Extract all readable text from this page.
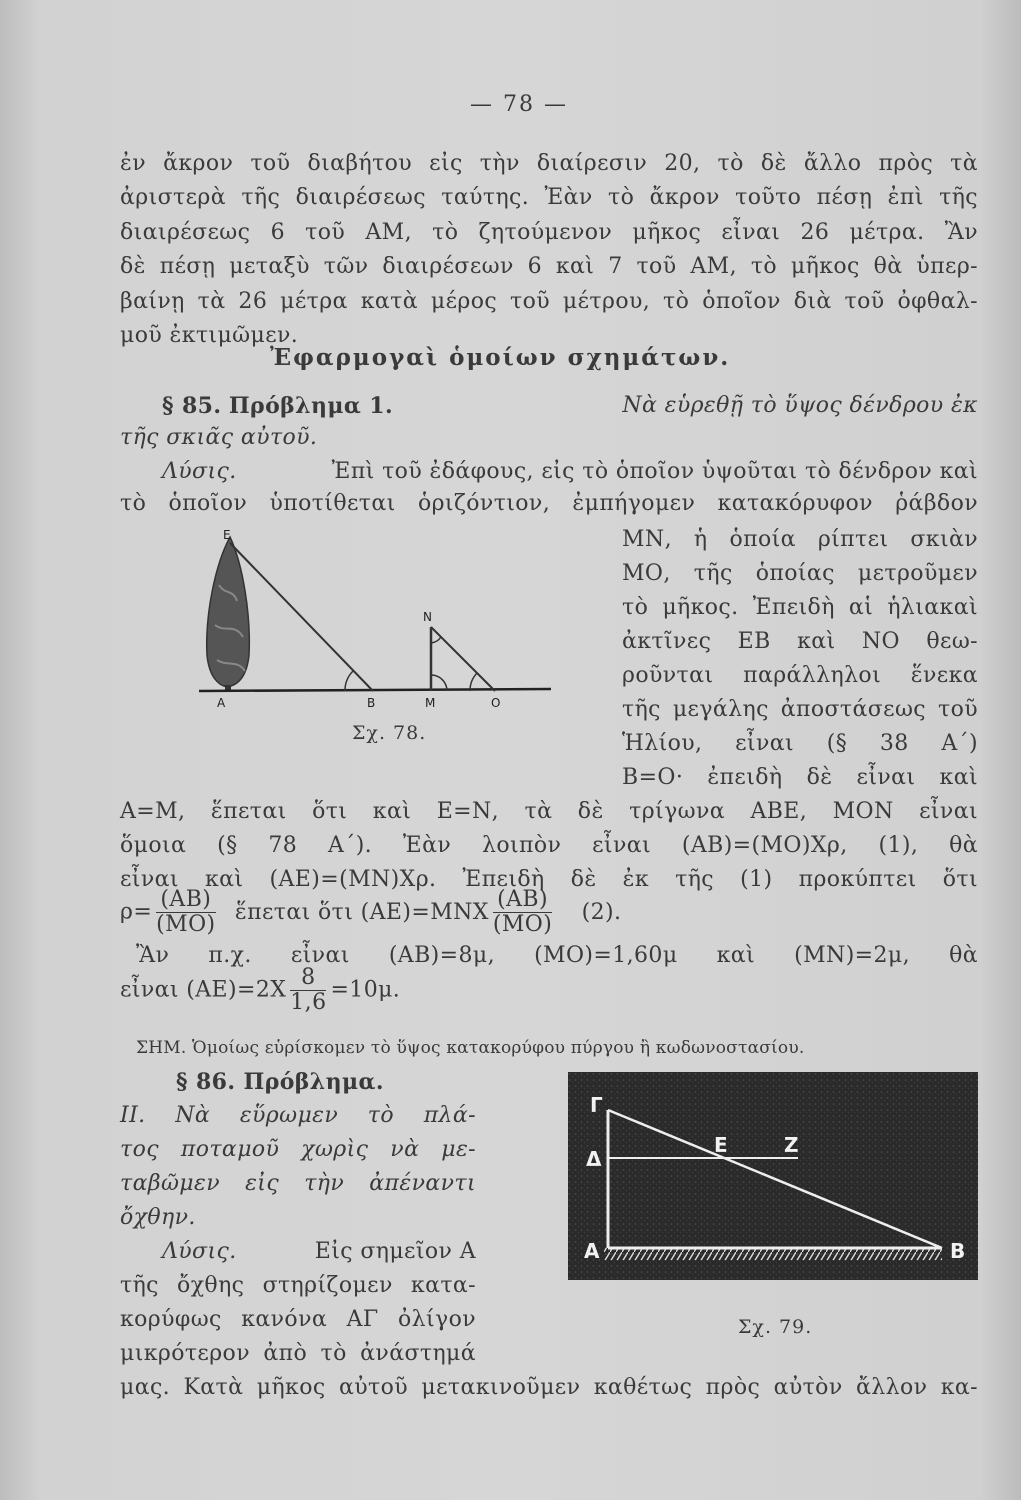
— 78 —
ἐν ἄκρον τοῦ διαβήτου εἰς τὴν διαίρεσιν 20, τὸ δὲ ἄλλο πρὸς τὰ
ἀριστερὰ τῆς διαιρέσεως ταύτης. Ἐὰν τὸ ἄκρον τοῦτο πέσῃ ἐπὶ τῆς
διαιρέσεως 6 τοῦ ΑΜ, τὸ ζητούμενον μῆκος εἶναι 26 μέτρα. Ἂν
δὲ πέσῃ μεταξὺ τῶν διαιρέσεων 6 καὶ 7 τοῦ ΑΜ, τὸ μῆκος θὰ ὑπερ-
βαίνῃ τὰ 26 μέτρα κατὰ μέρος τοῦ μέτρου, τὸ ὁποῖον διὰ τοῦ ὀφθαλ-
μοῦ ἐκτιμῶμεν.
Ἐφαρμογαὶ ὁμοίων σχημάτων.
§ 85. Πρόβλημα 1.	Νὰ εὑρεθῇ τὸ ὕψος δένδρου ἐκ
τῆς σκιᾶς αὐτοῦ.
Λύσις.	Ἐπὶ τοῦ ἐδάφους, εἰς τὸ ὁποῖον ὑψοῦται τὸ δένδρον καὶ
τὸ ὁποῖον ὑποτίθεται ὁριζόντιον, ἐμπήγομεν κατακόρυφον ῥάβδον
ΜΝ, ἡ ὁποία ρίπτει σκιὰν
ΜΟ, τῆς ὁποίας μετροῦμεν
τὸ μῆκος. Ἐπειδὴ αἱ ἡλιακαὶ
ἀκτῖνες ΕΒ καὶ ΝΟ θεω-
ροῦνται παράλληλοι ἕνεκα
τῆς μεγάλης ἀποστάσεως τοῦ
Ἡλίου, εἶναι (§ 38 Α΄)
Β=Ο· ἐπειδὴ δὲ εἶναι καὶ
Ε
Ν
Α	Β	Μ	Ο
Σχ. 78.
Α=Μ, ἕπεται ὅτι καὶ Ε=Ν, τὰ δὲ τρίγωνα ΑΒΕ, ΜΟΝ εἶναι
ὅμοια (§ 78 Α΄). Ἐὰν λοιπὸν εἶναι (ΑΒ)=(ΜΟ)Χρ, (1), θὰ
εἶναι καὶ (ΑΕ)=(ΜΝ)Χρ. Ἐπειδὴ δὲ ἐκ τῆς (1) προκύπτει ὅτι
$\rho= \frac{(AB)}{(MO)}$ ἕπεται ὅτι $(AE)=MNX \frac{(AB)}{(MO)} (2)$.
Ἂν π.χ. εἶναι (ΑΒ)=8μ, (ΜΟ)=1,60μ καὶ (ΜΝ)=2μ, θὰ
εἶναι $(AE)=2X \frac{8}{1,6} =10\mu$.
ΣΗΜ. Ὁμοίως εὑρίσκομεν τὸ ὕψος κατακορύφου πύργου ἢ κωδωνοστασίου.
§ 86. Πρόβλημα.
ΙΙ. Νὰ εὕρωμεν τὸ πλά-
τος ποταμοῦ χωρὶς νὰ με-
ταβῶμεν εἰς τὴν ἀπέναντι
ὄχθην.
Λύσις.	Εἰς σημεῖον Α
τῆς ὄχθης στηρίζομεν κατα-
κορύφως κανόνα ΑΓ ὀλίγον
μικρότερον ἀπὸ τὸ ἀνάστημά
μας. Κατὰ μῆκος αὐτοῦ μετακινοῦμεν καθέτως πρὸς αὐτὸν ἄλλον κα-
Γ
Δ
Ε	Ζ
Α	Β
Σχ. 79.
